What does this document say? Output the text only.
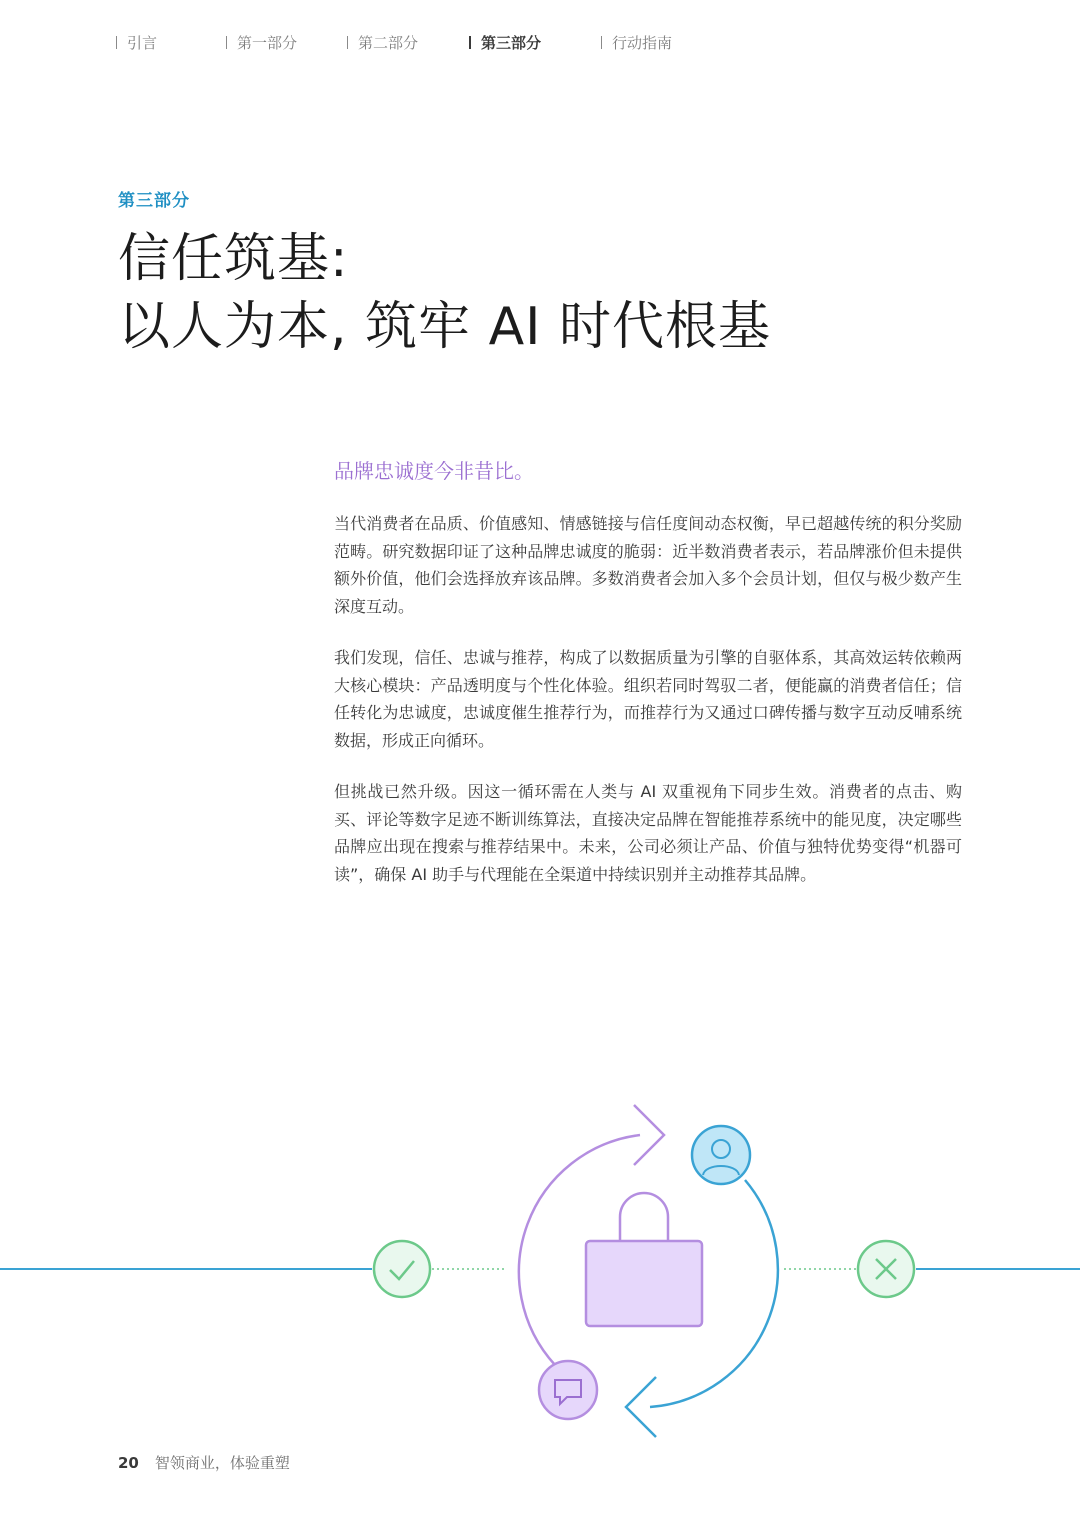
引言	第一部分	第二部分	第三部分	行动指南
第三部分
信任筑基:
以人为本, 筑牢 AI 时代根基
品牌忠诚度今非昔比。

当代消费者在品质、价值感知、情感链接与信任度间动态权衡，早已超越传统的积分奖励范畴。研究数据印证了这种品牌忠诚度的脆弱：近半数消费者表示，若品牌涨价但未提供额外价值，他们会选择放弃该品牌。多数消费者会加入多个会员计划，但仅与极少数产生深度互动。

我们发现，信任、忠诚与推荐，构成了以数据质量为引擎的自驱体系，其高效运转依赖两大核心模块：产品透明度与个性化体验。组织若同时驾驭二者，便能赢的消费者信任；信任转化为忠诚度，忠诚度催生推荐行为，而推荐行为又通过口碑传播与数字互动反哺系统数据，形成正向循环。

但挑战已然升级。因这一循环需在人类与 AI 双重视角下同步生效。消费者的点击、购买、评论等数字足迹不断训练算法，直接决定品牌在智能推荐系统中的能见度，决定哪些品牌应出现在搜索与推荐结果中。未来，公司必须让产品、价值与独特优势变得“机器可读”，确保 AI 助手与代理能在全渠道中持续识别并主动推荐其品牌。

20 智领商业，体验重塑
